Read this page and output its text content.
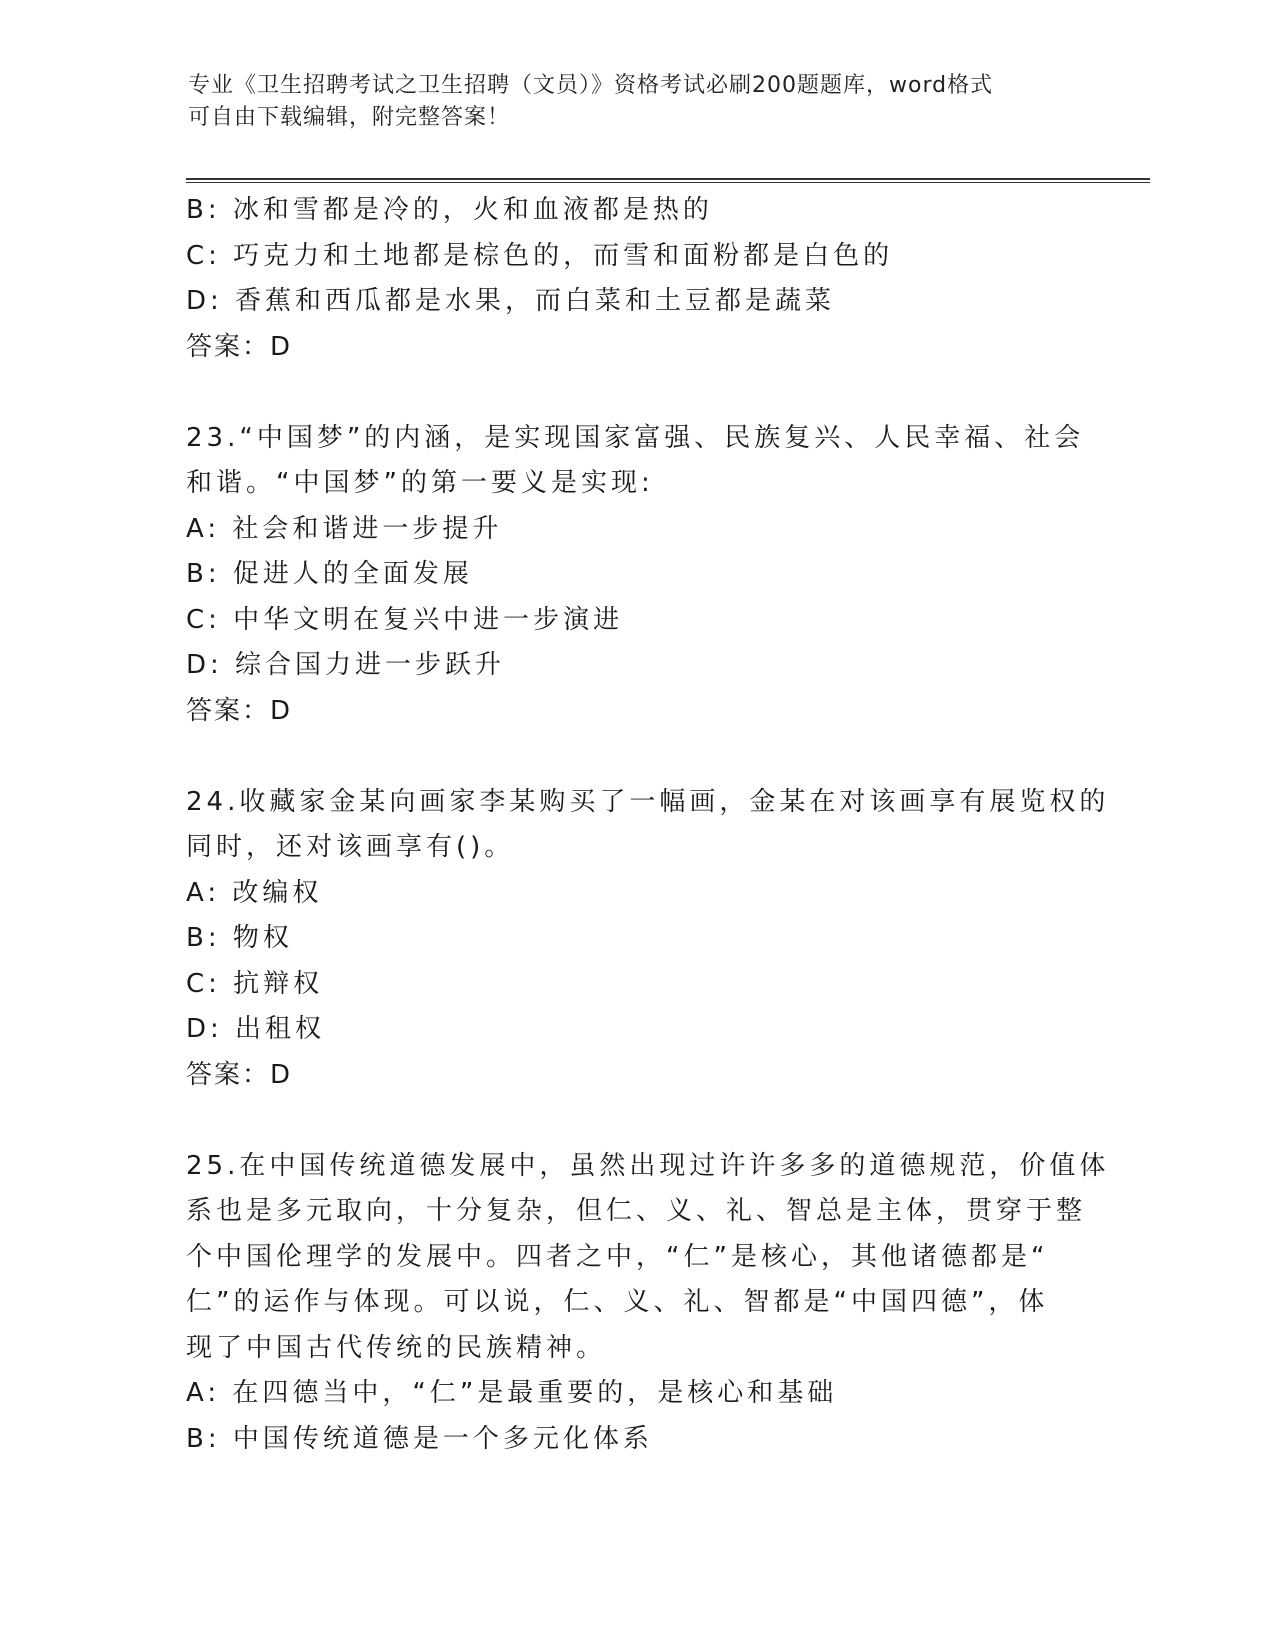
专业《卫生招聘考试之卫生招聘（文员）》资格考试必刷200题题库，word格式
可自由下载编辑，附完整答案！
B: 冰和雪都是冷的，火和血液都是热的
C: 巧克力和土地都是棕色的，而雪和面粉都是白色的
D: 香蕉和西瓜都是水果，而白菜和土豆都是蔬菜
答案：D
23.“中国梦”的内涵，是实现国家富强、民族复兴、人民幸福、社会
和谐。“中国梦”的第一要义是实现:
A: 社会和谐进一步提升
B: 促进人的全面发展
C: 中华文明在复兴中进一步演进
D: 综合国力进一步跃升
答案：D
24.收藏家金某向画家李某购买了一幅画，金某在对该画享有展览权的
同时，还对该画享有()。
A: 改编权
B: 物权
C: 抗辩权
D: 出租权
答案：D
25.在中国传统道德发展中，虽然出现过许许多多的道德规范，价值体
系也是多元取向，十分复杂，但仁、义、礼、智总是主体，贯穿于整
个中国伦理学的发展中。四者之中，“仁”是核心，其他诸德都是“
仁”的运作与体现。可以说，仁、义、礼、智都是“中国四德”，体
现了中国古代传统的民族精神。
A: 在四德当中，“仁”是最重要的，是核心和基础
B: 中国传统道德是一个多元化体系
